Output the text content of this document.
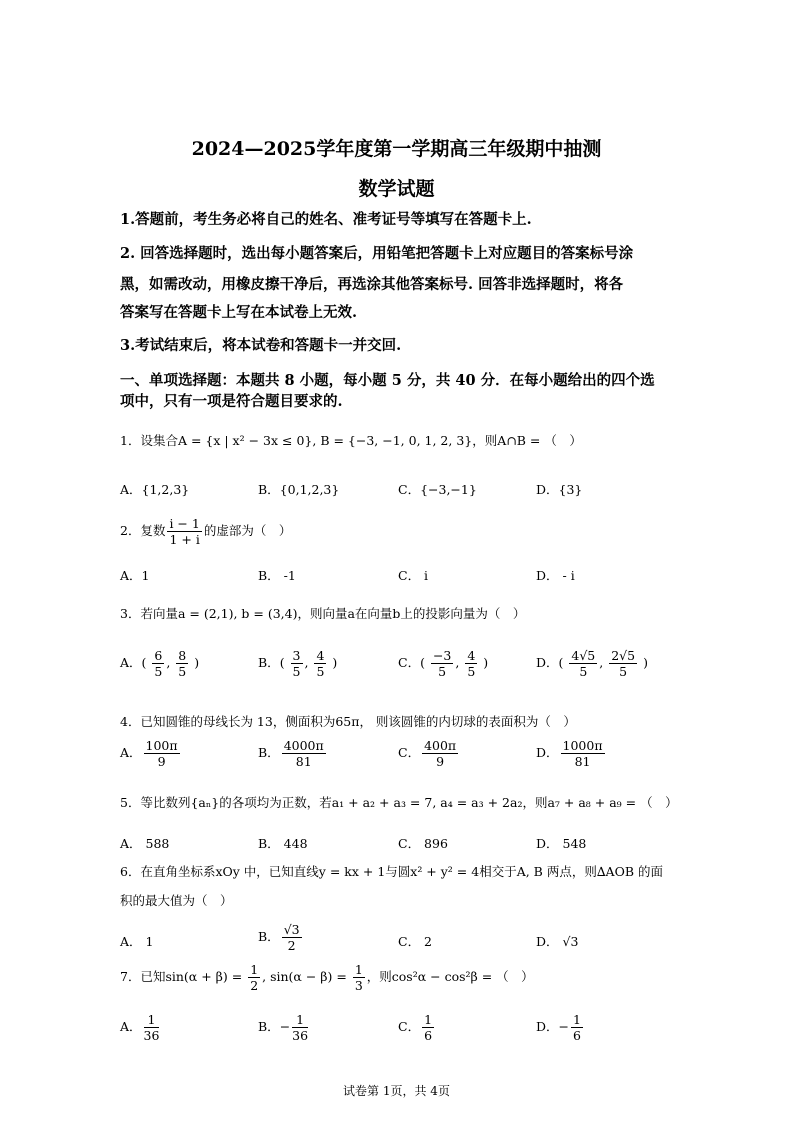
2024—2025学年度第一学期高三年级期中抽测
数学试题
1.答题前，考生务必将自己的姓名、准考证号等填写在答题卡上.
2. 回答选择题时，选出每小题答案后，用铅笔把答题卡上对应题目的答案标号涂
黑，如需改动，用橡皮擦干净后，再选涂其他答案标号. 回答非选择题时，将各
答案写在答题卡上写在本试卷上无效.
3.考试结束后，将本试卷和答题卡一并交回.
一、单项选择题：本题共 8 小题，每小题 5 分，共 40 分．在每小题给出的四个选
项中，只有一项是符合题目要求的.
1．设集合A = {x | x² − 3x ≤ 0}, B = {−3, −1, 0, 1, 2, 3}，则A∩B = （　）
A．{1,2,3}	B．{0,1,2,3}	C．{−3,−1}	D．{3}
2．复数 $\frac{i - 1}{1 + i}$ 的虚部为（　）
A．1	B． -1	C． i	D． - i
3．若向量a = (2,1), b = (3,4)，则向量a在向量b上的投影向量为（　）
A．( $\frac{6}{5}$ , $\frac{8}{5}$ )	B．( $\frac{3}{5}$ , $\frac{4}{5}$ )	C．( $\frac{-3}{5}$ , $\frac{4}{5}$ )	D．( $\frac{4√5}{5}$ , $\frac{2√5}{5}$ )
4．已知圆锥的母线长为 13，侧面积为65π， 则该圆锥的内切球的表面积为（　）
A． $\frac{100\pi}{9}$	B． $\frac{4000\pi}{81}$	C． $\frac{400\pi}{9}$	D． $\frac{1000\pi}{81}$
5．等比数列{aₙ}的各项均为正数，若a₁ + a₂ + a₃ = 7, a₄ = a₃ + 2a₂，则a₇ + a₈ + a₉ = （　）
A． 588	B． 448	C． 896	D． 548
6．在直角坐标系xOy 中，已知直线y = kx + 1与圆x² + y² = 4相交于A, B 两点，则∆AOB 的面
积的最大值为（　）
A． 1	B． $\frac{√3}{2}$	C． 2	D． √3
7．已知$\sin(\alpha + \beta) = \frac{1}{2}$ , $\sin(\alpha - \beta) = \frac{1}{3}$ ，则cos²α − cos²β = （　）
A． $\frac{1}{36}$	B．− $\frac{1}{36}$	C． $\frac{1}{6}$	D．− $\frac{1}{6}$
试卷第 1页，共 4页
